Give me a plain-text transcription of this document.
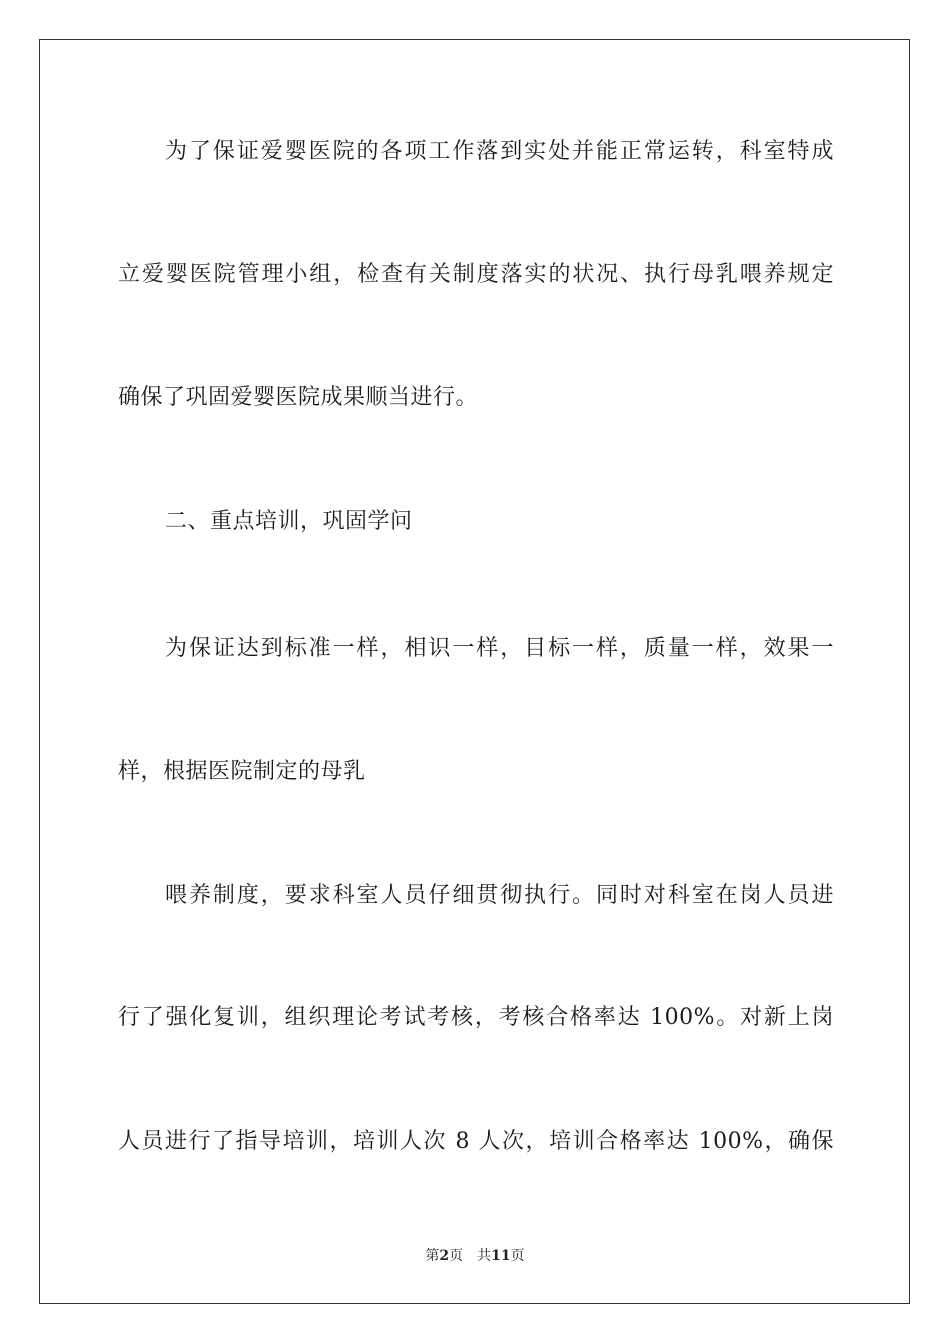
为了保证爱婴医院的各项工作落到实处并能正常运转，科室特成
立爱婴医院管理小组，检查有关制度落实的状况、执行母乳喂养规定
确保了巩固爱婴医院成果顺当进行。
二、重点培训，巩固学问
为保证达到标准一样，相识一样，目标一样，质量一样，效果一
样，根据医院制定的母乳
喂养制度，要求科室人员仔细贯彻执行。同时对科室在岗人员进
行了强化复训，组织理论考试考核，考核合格率达 100%。对新上岗
人员进行了指导培训，培训人次 8 人次，培训合格率达 100%，确保
第2页 共11页
